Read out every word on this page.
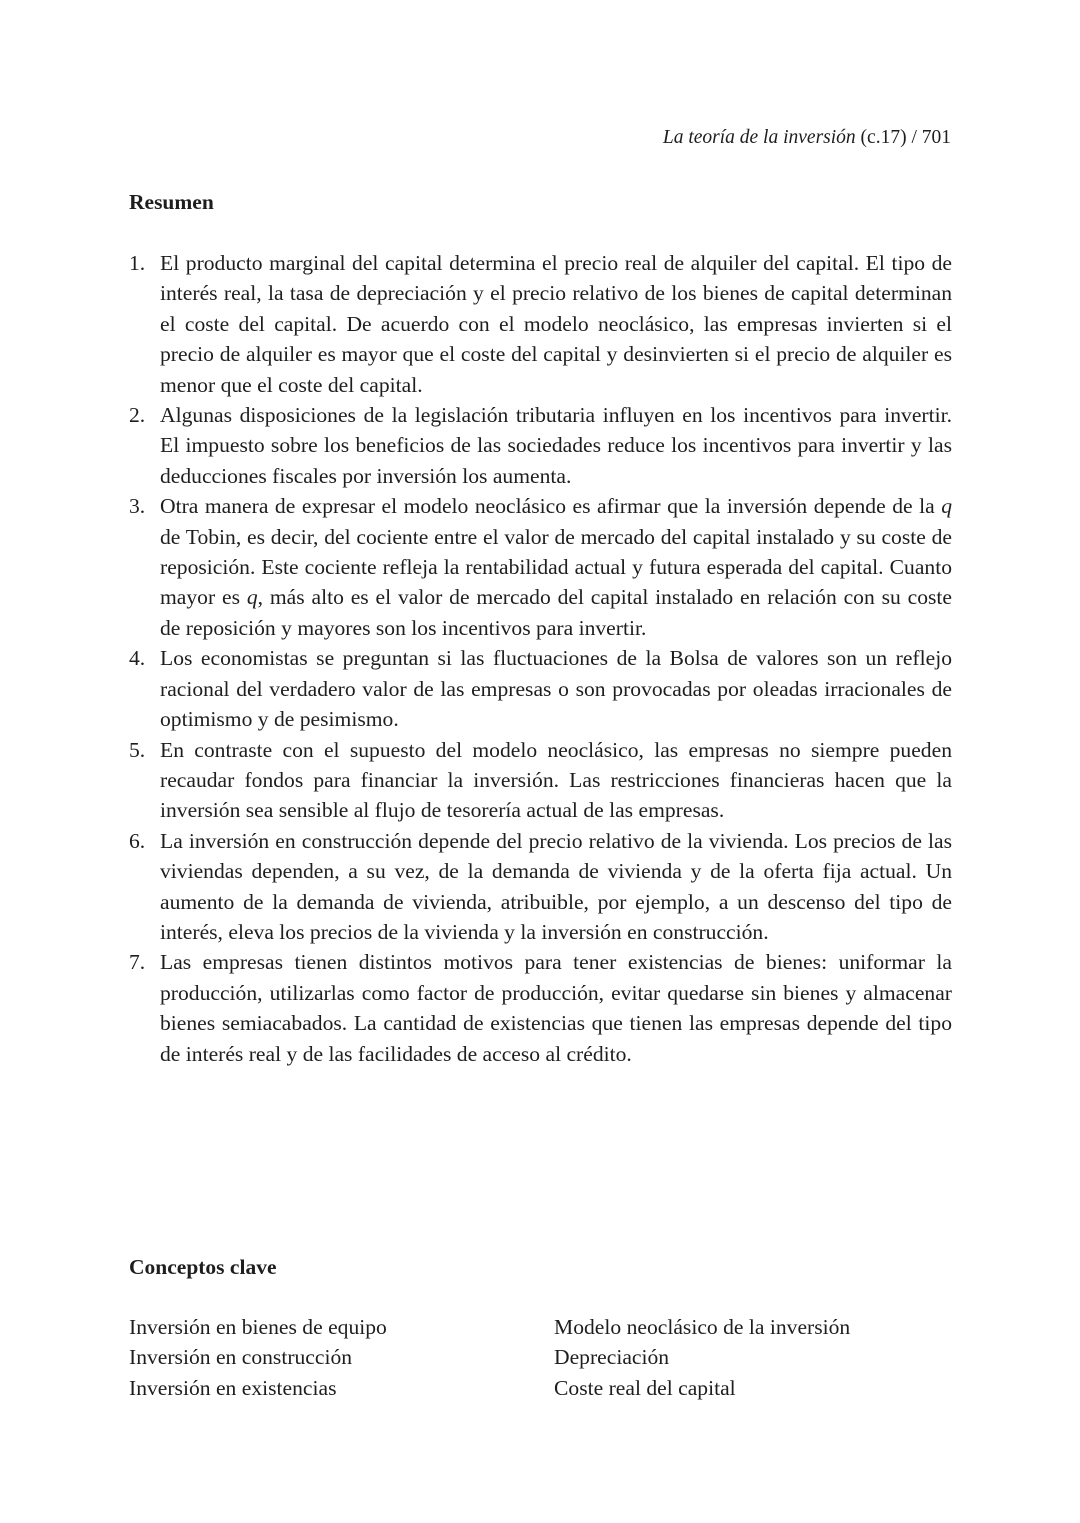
La teoría de la inversión (c.17) / 701
Resumen
1. El producto marginal del capital determina el precio real de alquiler del capital. El tipo de interés real, la tasa de depreciación y el precio relativo de los bienes de capital determinan el coste del capital. De acuerdo con el modelo neoclásico, las empresas invierten si el precio de alquiler es mayor que el coste del capital y desinvierten si el precio de alquiler es menor que el coste del capital.
2. Algunas disposiciones de la legislación tributaria influyen en los incentivos para invertir. El impuesto sobre los beneficios de las sociedades reduce los incentivos para invertir y las deducciones fiscales por inversión los aumenta.
3. Otra manera de expresar el modelo neoclásico es afirmar que la inversión depende de la q de Tobin, es decir, del cociente entre el valor de mercado del capital instalado y su coste de reposición. Este cociente refleja la rentabilidad actual y futura esperada del capital. Cuanto mayor es q, más alto es el valor de mercado del capital instalado en relación con su coste de reposición y mayores son los incentivos para invertir.
4. Los economistas se preguntan si las fluctuaciones de la Bolsa de valores son un reflejo racional del verdadero valor de las empresas o son provocadas por oleadas irracionales de optimismo y de pesimismo.
5. En contraste con el supuesto del modelo neoclásico, las empresas no siempre pueden recaudar fondos para financiar la inversión. Las restricciones financieras hacen que la inversión sea sensible al flujo de tesorería actual de las empresas.
6. La inversión en construcción depende del precio relativo de la vivienda. Los precios de las viviendas dependen, a su vez, de la demanda de vivienda y de la oferta fija actual. Un aumento de la demanda de vivienda, atribuible, por ejemplo, a un descenso del tipo de interés, eleva los precios de la vivienda y la inversión en construcción.
7. Las empresas tienen distintos motivos para tener existencias de bienes: uniformar la producción, utilizarlas como factor de producción, evitar quedarse sin bienes y almacenar bienes semiacabados. La cantidad de existencias que tienen las empresas depende del tipo de interés real y de las facilidades de acceso al crédito.
Conceptos clave
Inversión en bienes de equipo
Inversión en construcción
Inversión en existencias
Modelo neoclásico de la inversión
Depreciación
Coste real del capital
